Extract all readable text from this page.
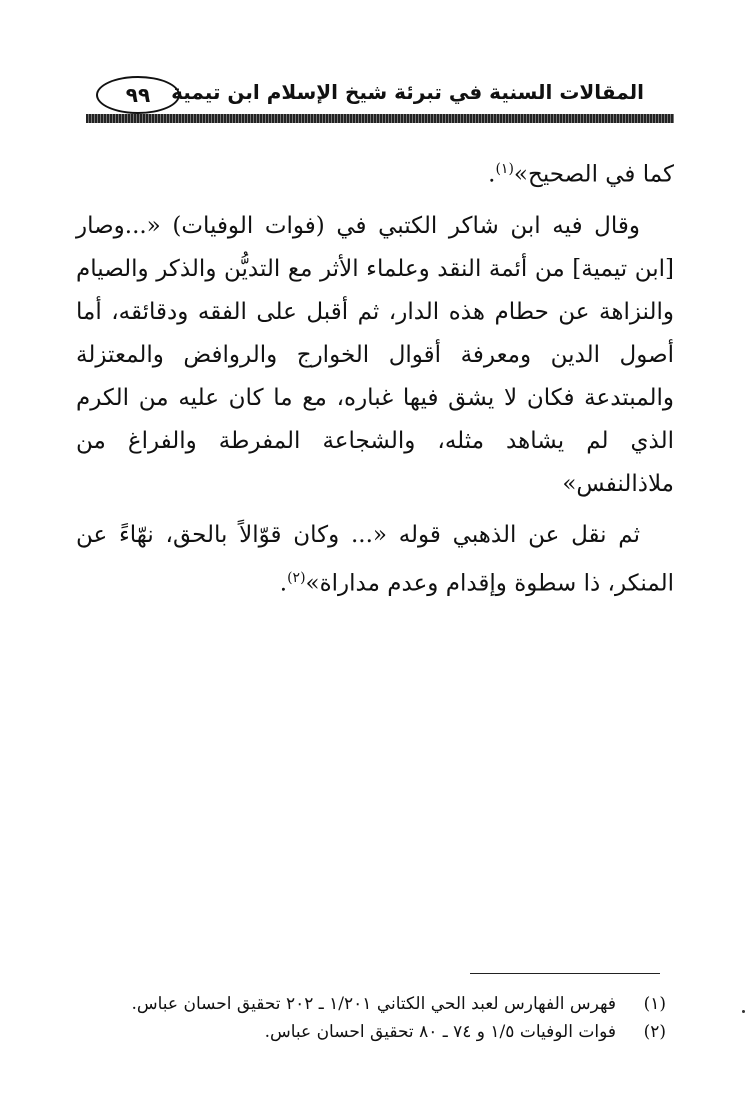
المقالات السنية في تبرئة شيخ الإسلام ابن تيمية
٩٩

كما في الصحيح»$^{(١)}$.

وقال فيه ابن شاكر الكتبي في (فوات الوفيات) «...وصار [ابن تيمية] من أئمة النقد وعلماء الأثر مع التديُّن والذكر والصيام والنزاهة عن حطام هذه الدار، ثم أقبل على الفقه ودقائقه، أما أصول الدين ومعرفة أقوال الخوارج والروافض والمعتزلة والمبتدعة فكان لا يشق فيها غباره، مع ما كان عليه من الكرم الذي لم يشاهد مثله، والشجاعة المفرطة والفراغ من ملاذالنفس»

ثم نقل عن الذهبي قوله «... وكان قوّالاً بالحق، نهّاءً عن المنكر، ذا سطوة وإقدام وعدم مداراة»$^{(٢)}$.

(١)
فهرس الفهارس لعبد الحي الكتاني ١/٢٠١ ـ ٢٠٢ تحقيق احسان عباس.
(٢)
فوات الوفيات ١/٥ و ٧٤ ـ ٨٠ تحقيق احسان عباس.
